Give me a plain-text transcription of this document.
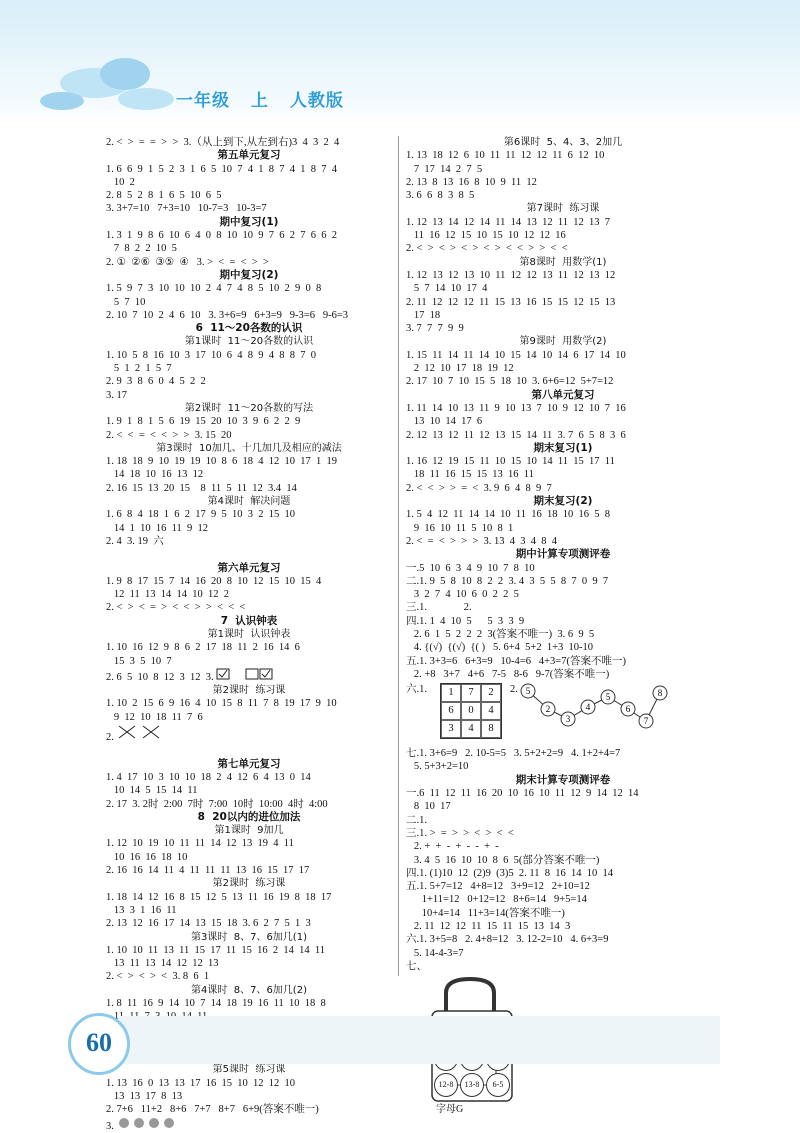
一年级 上 人教版
2. <  >  =  =  >  >  3.（从上到下,从左到右)3  4  3  2  4
第五单元复习
1. 6  6  9  1  5  2  3  1  6  5  10  7  4  1  8  7  4  1  8  7  4
10  2
2. 8  5  2  8  1  6  5  10  6  5
3. 3+7=10   7+3=10   10-7=3   10-3=7
期中复习(1)
1. 3  1  9  8  6  10  6  4  0  8  10  10  9  7  6  2  7  6  6  2
7  8  2  2  10  5
2. ①  ②⑥  ③⑤  ④   3. >  <  =  <  >  >
期中复习(2)
1. 5  9  7  3  10  10  10  2  4  7  4  8  5  10  2  9  0  8
5  7  10
2. 10  7  10  2  4  6  10   3. 3+6=9   6+3=9   9-3=6   9-6=3
6  11～20各数的认识
第1课时  11～20各数的认识
1. 10  5  8  16  10  3  17  10  6  4  8  9  4  8  8  7  0
5  1  2  1  5  7
2. 9  3  8  6  0  4  5  2  2
3. 17
第2课时  11～20各数的写法
1. 9  1  8  1  5  6  19  15  20  10  3  9  6  2  2  9
2. <  <  =  <  <  >  >  3. 15  20
第3课时  10加几、十几加几及相应的减法
1. 18  18  9  10  19  19  10  8  6  18  4  12  10  17  1  19
14  18  10  16  13  12
2. 16  15  13  20  15    8  11  5  11  12  3.4  14
第4课时  解决问题
1. 6  8  4  18  1  6  2  17  9  5  10  3  2  15  10
14  1  10  16  11  9  12
2. 4  3. 19  六

第六单元复习
1. 9  8  17  15  7  14  16  20  8  10  12  15  10  15  4
12  11  13  14  14  10  12  2
2. <  >  <  =  >  <  <  >  >  <  <  <
7  认识钟表
第1课时  认识钟表
1. 10  16  12  9  8  6  2  17  18  11  2  16  14  6
15  3  5  10  7
2. 6  5  10  8  12  3  12  3.
第2课时  练习课
1. 10  2  15  6  9  16  4  10  15  8  11  7  8  19  17  9  10
9  12  10  18  11  7  6
2.

第七单元复习
1. 4  17  10  3  10  10  18  2  4  12  6  4  13  0  14
10  14  5  15  14  11
2. 17  3. 2时  2:00  7时  7:00  10时  10:00  4时  4:00
8  20以内的进位加法
第1课时  9加几
1. 12  10  19  10  11  11  14  12  13  19  4  11
10  16  16  18  10
2. 16  16  14  11  4  11  11  11  13  16  15  17  17
第2课时  练习课
1. 18  14  12  16  8  15  12  5  13  11  16  19  8  18  17
13  3  1  16  11
2. 13  12  16  17  14  13  15  18  3. 6  2  7  5  1  3
第3课时  8、7、6加几(1)
1. 10  10  11  13  11  15  17  11  15  16  2  14  14  11
13  11  13  14  12  12  13
2. <  >  <  >  <  3. 8  6  1
第4课时  8、7、6加几(2)
1. 8  11  16  9  14  10  7  14  18  19  16  11  10  18  8
11
第5课时  练习课
1. 13  16  0  13  13  17  16  15  10  12  12  10
13  13  17  8  13
2. 7+6   11+2   8+6   7+7   8+7   6+9(答案不唯一)
3.
第6课时  5、4、3、2加几
1. 13  18  12  6  10  11  11  12  12  11  6  12  10
7  17  14  2  7  5
2. 13  8  13  16  8  10  9  11  12
3. 6  6  8  3  8  5
第7课时  练习课
1. 12  13  14  12  14  11  14  13  12  11  12  13  7
11  16  12  15  10  15  10  12  12  16
2. <  >  <  >  <  >  <  >  <  <  >  >  <  <
第8课时  用数学(1)
1. 12  13  12  13  10  11  12  12  13  11  12  13  12
5  7  14  10  17  4
2. 11  12  12  12  11  15  13  16  15  15  12  15  13
17  18
3. 7  7  7  9  9
第9课时  用数学(2)
1. 15  11  14  11  14  10  15  14  10  14  6  17  14  10
2  12  10  17  18  19  12
2. 17  10  7  10  15  5  18  10  3. 6+6=12  5+7=12
第八单元复习
1. 11  14  10  13  11  9  10  13  7  10  9  12  10  7  16
13  10  14  17  6
2. 12  13  12  11  12  13  15  14  11  3. 7  6  5  8  3  6
期末复习(1)
1. 16  12  19  15  11  10  15  10  14  11  15  17  11
18  11  16  15  15  13  16  11
2. <  <  >  >  =  <  3. 9  6  4  8  9  7
期末复习(2)
1. 5  4  12  11  14  14  10  11  16  18  10  16  5  8
9  16  10  11  5  10  8  1
2. <  =  <  >  >  >  3. 13  4  3  4  8  4
期中计算专项测评卷
一.5  10  6  3  4  9  10  7  8  10
二.1. 9  5  8  10  8  2  2  3. 4  3  5  5  8  7  0  9  7
3  2  7  4  10  6  0  2  2  5
三.1.              2.
四.1. 1  4  10  5      5  3  3  9
2. 6  1  5  2  2  2  3(答案不唯一)  3. 6  9  5
4. {(√)  {(√)  {( )   5. 6+4  5+2  1+3  10-10
五.1. 3+3=6   6+3=9   10-4=6   4+3=7(答案不唯一)
2. +8   3+7   4+6   7-5   8-6   9-7(答案不唯一)
六.1.	1	7	2
6	0	4
3	4	8
2. 5
2
3
4
5
6
7
8
七.1. 3+6=9   2. 10-5=5   3. 5+2+2=9   4. 1+2+4=7
5. 5+3+2=10
期末计算专项测评卷
一.6  11  12  11  16  20  10  16  10  11  12  9  14  12  14
8  10  17
二.1.
三.1. >  =  >  >  <  >  <  <
2. +  +  -  +  -  -  +  -
3. 4  5  16  10  10  8  6  5(部分答案不唯一)
四.1. (1)10  12  (2)9  (3)5  2. 11  8  16  14  10  14
五.1. 5+7=12   4+8=12   3+9=12   2+10=12
1+11=12   0+12=12   8+6=14   9+5=14
10+4=14   11+3=14(答案不唯一)
2. 11  12  12  11  15  11  15  13  14  3
六.1. 3+5=8   2. 4+8=12   3. 12-2=10   4. 6+3=9
5. 14-4-3=7
七、
12-8	13-8	6-5
字母G
60
